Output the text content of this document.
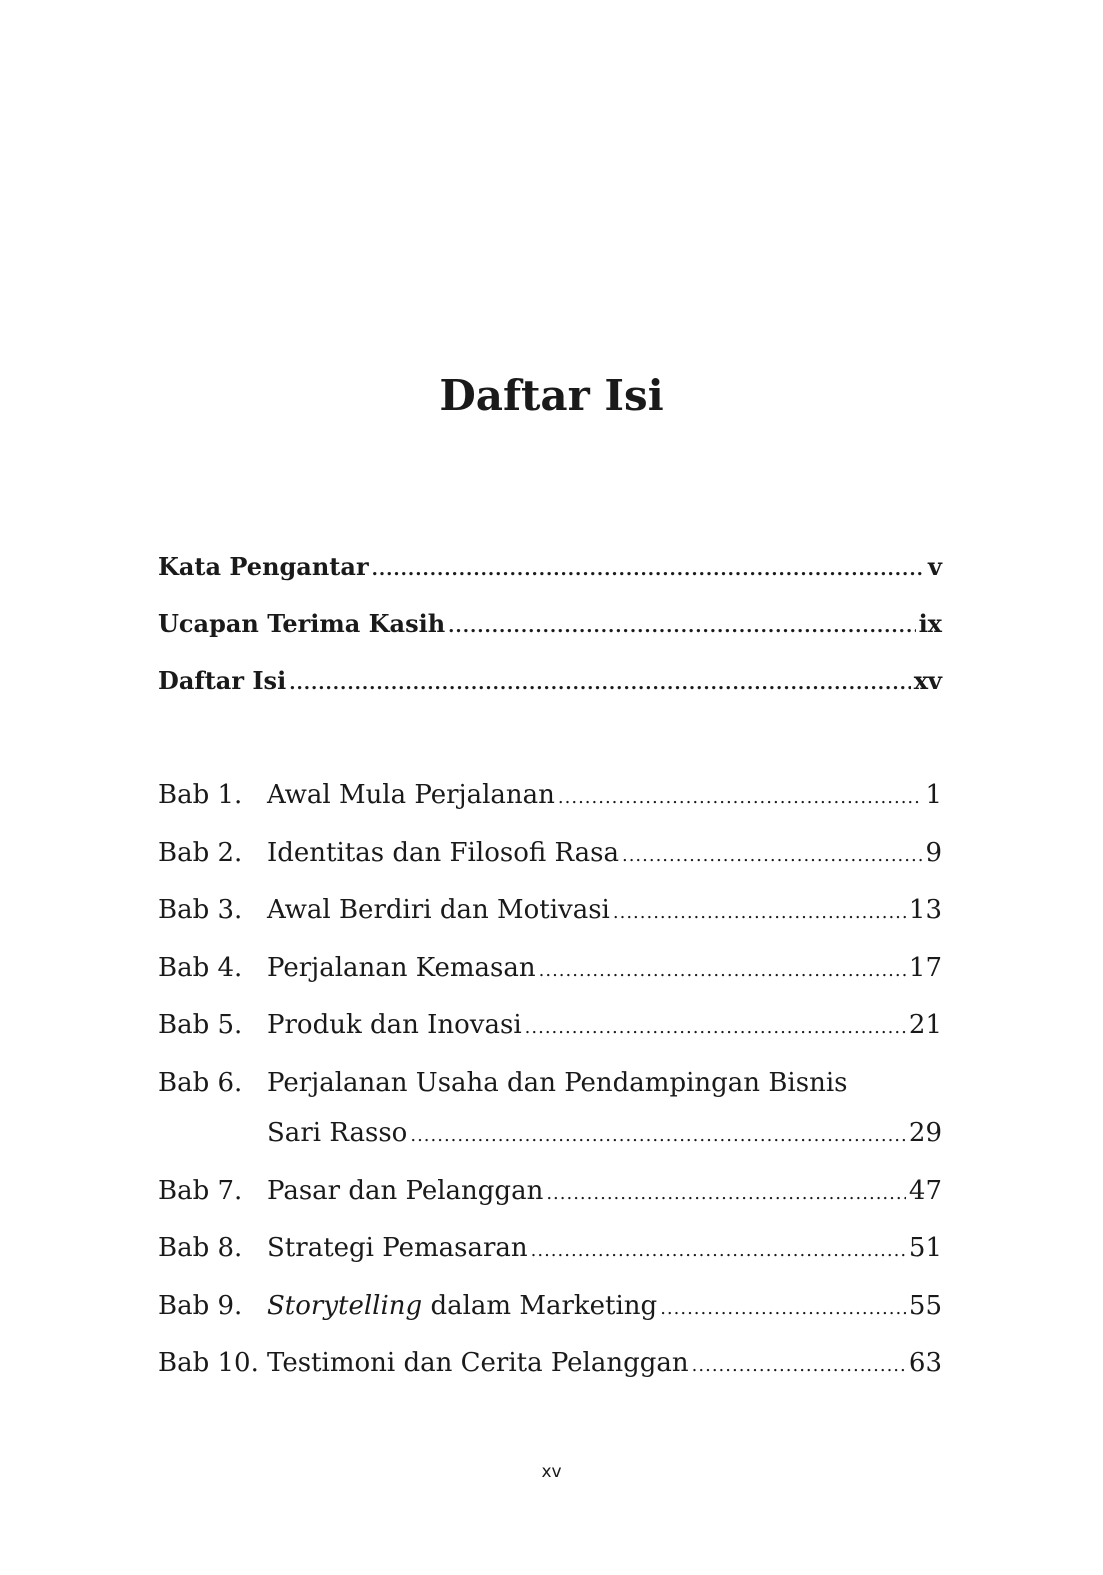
Daftar Isi
Kata Pengantar .....	v
Ucapan Terima Kasih .....	ix
Daftar Isi .....	xv
Bab 1. Awal Mula Perjalanan .....	1
Bab 2. Identitas dan Filosofi Rasa .....	9
Bab 3. Awal Berdiri dan Motivasi .....	13
Bab 4. Perjalanan Kemasan .....	17
Bab 5. Produk dan Inovasi .....	21
Bab 6. Perjalanan Usaha dan Pendampingan Bisnis
Sari Rasso .....	29
Bab 7. Pasar dan Pelanggan .....	47
Bab 8. Strategi Pemasaran .....	51
Bab 9. Storytelling dalam Marketing .....	55
Bab 10. Testimoni dan Cerita Pelanggan .....	63
xv
